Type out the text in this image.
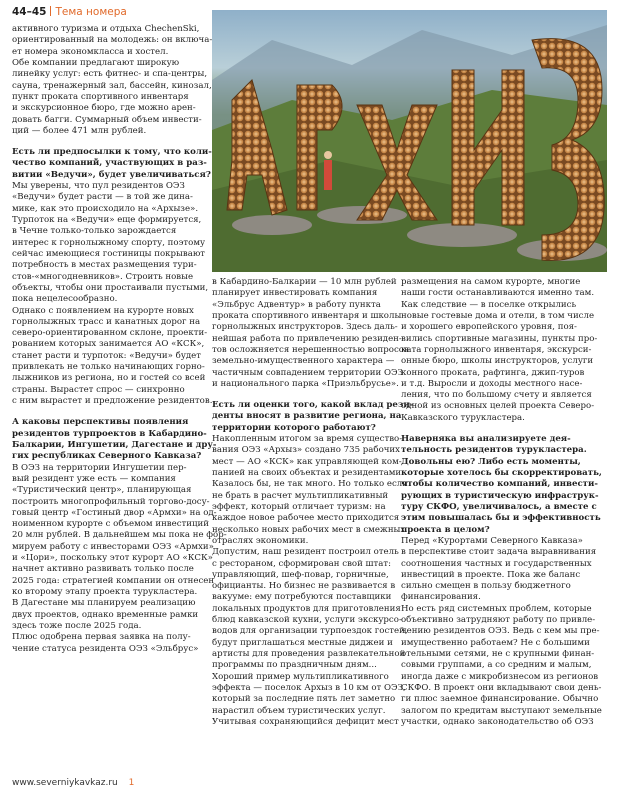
44–45 Тема номера

активного туризма и отдыха ChechenSki,

ориентированный на молодежь: он включа-

ет номера экономкласса и хостел.

Обе компании предлагают широкую

линейку услуг: есть фитнес- и спа-центры,

сауна, тренажерный зал, бассейн, кинозал,

пункт проката спортивного инвентаря

и экскурсионное бюро, где можно арен-

довать багги. Суммарный объем инвести-

ций — более 471 млн рублей.

Есть ли предпосылки к тому, что коли-

чество компаний, участвующих в раз-

витии «Ведучи», будет увеличиваться?

Мы уверены, что пул резидентов ОЭЗ

«Ведучи» будет расти — в той же дина-

мике, как это происходило на «Архызе».

Турпоток на «Ведучи» еще формируется,

в Чечне только-только зарождается

интерес к горнолыжному спорту, поэтому

сейчас имеющиеся гостиницы покрывают

потребность в местах размещения тури-

стов-«многодневников». Строить новые

объекты, чтобы они простаивали пустыми,

пока нецелесообразно.

Однако с появлением на курорте новых

горнолыжных трасс и канатных дорог на

северо-ориентированном склоне, проекти-

рованием которых занимается АО «КСК»,

станет расти и турпоток: «Ведучи» будет

привлекать не только начинающих горно-

лыжников из региона, но и гостей со всей

страны. Вырастет спрос — синхронно

с ним вырастет и предложение резидентов.

А каковы перспективы появления

резидентов турпроектов в Кабардино-

Балкарии, Ингушетии, Дагестане и дру-

гих республиках Северного Кавказа?

В ОЭЗ на территории Ингушетии пер-

вый резидент уже есть — компания

«Туристический центр», планирующая

построить многопрофильный торгово-досу-

говый центр «Гостиный двор «Армхи» на од-

ноименном курорте с объемом инвестиций

20 млн рублей. В дальнейшем мы пока не фор-

мируем работу с инвесторами ОЭЗ «Армхи»

и «Цори», поскольку этот курорт АО «КСК»

начнет активно развивать только после

2025 года: стратегией компании он отнесен

ко второму этапу проекта турукластера.

В Дагестане мы планируем реализацию

двух проектов, однако временные рамки

здесь тоже после 2025 года.

Плюс одобрена первая заявка на полу-

чение статуса резидента ОЭЗ «Эльбрус»

в Кабардино-Балкарии — 10 млн рублей

планирует инвестировать компания

«Эльбрус Адвентур» в работу пункта

проката спортивного инвентаря и школы

горнолыжных инструкторов. Здесь даль-

нейшая работа по привлечению резиден-

тов осложняется нерешенностью вопросов

земельно-имущественного характера —

частичным совпадением территории ОЭЗ

и национального парка «Приэльбрусье».

Есть ли оценки того, какой вклад рези-

денты вносят в развитие региона, на

территории которого работают?

Накопленным итогом за время существо-

вания ОЭЗ «Архыз» создано 735 рабочих

мест — АО «КСК» как управляющей ком-

панией на своих объектах и резидентами.

Казалось бы, не так много. Но только если

не брать в расчет мультипликативный

эффект, который отличает туризм: на

каждое новое рабочее место приходится

несколько новых рабочих мест в смежных

отраслях экономики.

Допустим, наш резидент построил отель

с рестораном, сформирован свой штат:

управляющий, шеф-повар, горничные,

официанты. Но бизнес не развивается в

вакууме: ему потребуются поставщики

локальных продуктов для приготовления

блюд кавказской кухни, услуги экскурсо-

водов для организации турпоездок гостей,

будут приглашаться местные диджеи и

артисты для проведения развлекательной

программы по праздничным дням...

Хороший пример мультипликативного

эффекта — поселок Архыз в 10 км от ОЭЗ,

который за последние пять лет заметно

нарастил объем туристических услуг.

Учитывая сохраняющийся дефицит мест

размещения на самом курорте, многие

наши гости останавливаются именно там.

Как следствие — в поселке открылись

новые гостевые дома и отели, в том числе

и хорошего европейского уровня, поя-

вились спортивные магазины, пункты про-

ката горнолыжного инвентаря, экскурси-

онные бюро, школы инструкторов, услуги

конного проката, рафтинга, джип-туров

и т.д. Выросли и доходы местного насе-

ления, что по большому счету и является

одной из основных целей проекта Северо-

Кавказского турукластера.

Наверняка вы анализируете дея-

тельность резидентов турукластера.

Довольны ею? Либо есть моменты,

которые хотелось бы скорректировать,

чтобы количество компаний, инвести-

рующих в туристическую инфраструк-

туру СКФО, увеличивалось, а вместе с

этим повышалась бы и эффективность

проекта в целом?

Перед «Курортами Северного Кавказа»

в перспективе стоит задача выравнивания

соотношения частных и государственных

инвестиций в проекте. Пока же баланс

сильно смещен в пользу бюджетного

финансирования.

Но есть ряд системных проблем, которые

объективно затрудняют работу по привле-

чению резидентов ОЭЗ. Ведь с кем мы пре-

имущественно работаем? Не с большими

отельными сетями, не с крупными финан-

совыми группами, а со средним и малым,

иногда даже с микробизнесом из регионов

СКФО. В проект они вкладывают свои день-

ги плюс заемное финансирование. Обычно

залогом по кредитам выступают земельные

участки, однако законодательство об ОЭЗ

www.severniykavkaz.ru 1
